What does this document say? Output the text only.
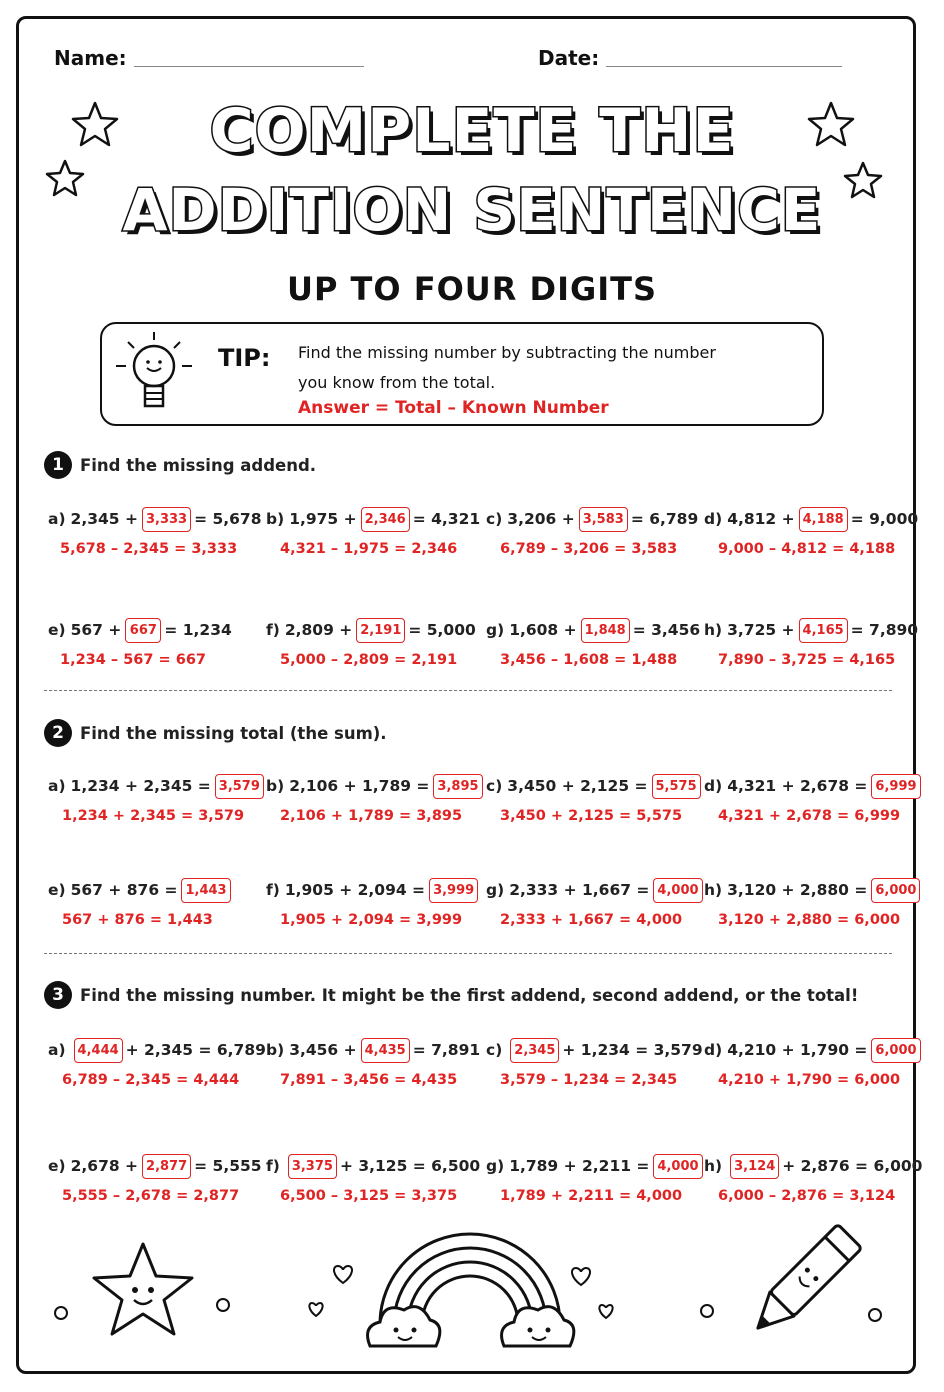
Name:	Date:
COMPLETE THE
ADDITION SENTENCE
UP TO FOUR DIGITS
TIP: Find the missing number by subtracting the number
you know from the total.
Answer = Total – Known Number
1 Find the missing addend.
2 Find the missing total (the sum).
3 Find the missing number. It might be the first addend, second addend, or the total!
a) 2,345 + 3,333 = 5,678
5,678 – 2,345 = 3,333
b) 1,975 + 2,346 = 4,321
4,321 – 1,975 = 2,346
c) 3,206 + 3,583 = 6,789
6,789 – 3,206 = 3,583
d) 4,812 + 4,188 = 9,000
9,000 – 4,812 = 4,188
e) 567 + 667 = 1,234
1,234 – 567 = 667
f) 2,809 + 2,191 = 5,000
5,000 – 2,809 = 2,191
g) 1,608 + 1,848 = 3,456
3,456 – 1,608 = 1,488
h) 3,725 + 4,165 = 7,890
7,890 – 3,725 = 4,165
a) 1,234 + 2,345 = 3,579
1,234 + 2,345 = 3,579
b) 2,106 + 1,789 = 3,895
2,106 + 1,789 = 3,895
c) 3,450 + 2,125 = 5,575
3,450 + 2,125 = 5,575
d) 4,321 + 2,678 = 6,999
4,321 + 2,678 = 6,999
e) 567 + 876 = 1,443
567 + 876 = 1,443
f) 1,905 + 2,094 = 3,999
1,905 + 2,094 = 3,999
g) 2,333 + 1,667 = 4,000
2,333 + 1,667 = 4,000
h) 3,120 + 2,880 = 6,000
3,120 + 2,880 = 6,000
a) 4,444 + 2,345 = 6,789
6,789 – 2,345 = 4,444
b) 3,456 + 4,435 = 7,891
7,891 – 3,456 = 4,435
c) 2,345 + 1,234 = 3,579
3,579 – 1,234 = 2,345
d) 4,210 + 1,790 = 6,000
4,210 + 1,790 = 6,000
e) 2,678 + 2,877 = 5,555
5,555 – 2,678 = 2,877
f) 3,375 + 3,125 = 6,500
6,500 – 3,125 = 3,375
g) 1,789 + 2,211 = 4,000
1,789 + 2,211 = 4,000
h) 3,124 + 2,876 = 6,000
6,000 – 2,876 = 3,124
